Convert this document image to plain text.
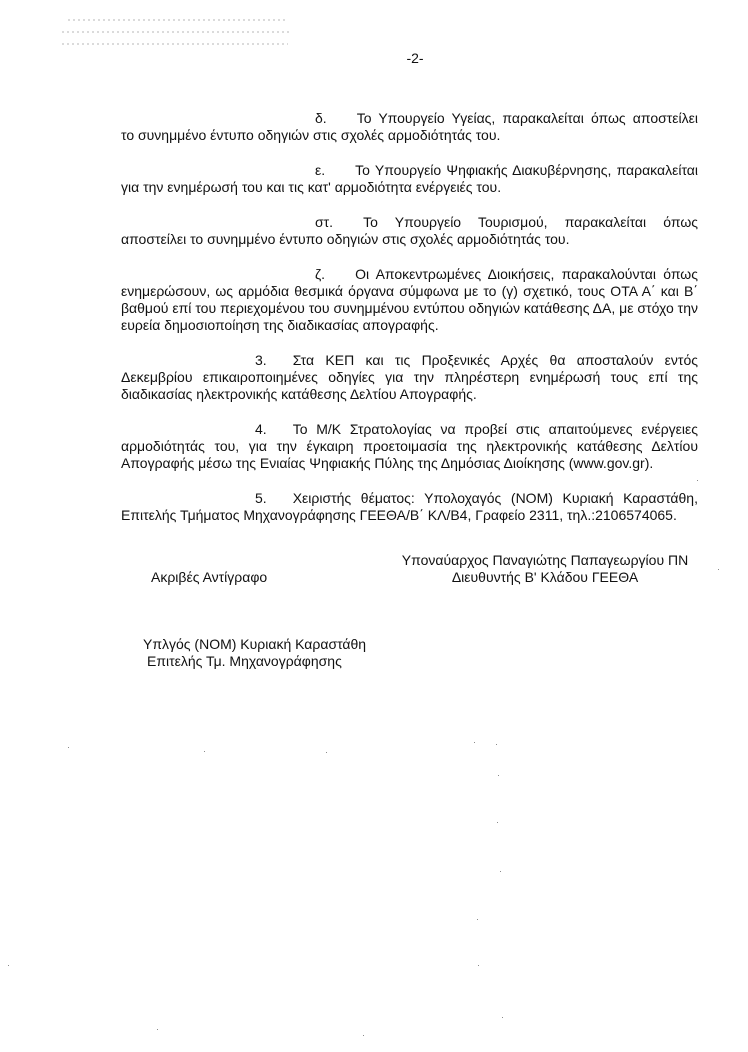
-2-

δ. Το Υπουργείο Υγείας, παρακαλείται όπως αποστείλει το συνημμένο έντυπο οδηγιών στις σχολές αρμοδιότητάς του.

ε. Το Υπουργείο Ψηφιακής Διακυβέρνησης, παρακαλείται για την ενημέρωσή του και τις κατ' αρμοδιότητα ενέργειές του.

στ. Το Υπουργείο Τουρισμού, παρακαλείται όπως αποστείλει το συνημμένο έντυπο οδηγιών στις σχολές αρμοδιότητάς του.

ζ. Οι Αποκεντρωμένες Διοικήσεις, παρακαλούνται όπως ενημερώσουν, ως αρμόδια θεσμικά όργανα σύμφωνα με το (γ) σχετικό, τους ΟΤΑ Α΄ και Β΄ βαθμού επί του περιεχομένου του συνημμένου εντύπου οδηγιών κατάθεσης ΔΑ, με στόχο την ευρεία δημοσιοποίηση της διαδικασίας απογραφής.

3. Στα ΚΕΠ και τις Προξενικές Αρχές θα αποσταλούν εντός Δεκεμβρίου επικαιροποιημένες οδηγίες για την πληρέστερη ενημέρωσή τους επί της διαδικασίας ηλεκτρονικής κατάθεσης Δελτίου Απογραφής.

4. Το Μ/Κ Στρατολογίας να προβεί στις απαιτούμενες ενέργειες αρμοδιότητάς του, για την έγκαιρη προετοιμασία της ηλεκτρονικής κατάθεσης Δελτίου Απογραφής μέσω της Ενιαίας Ψηφιακής Πύλης της Δημόσιας Διοίκησης (www.gov.gr).

5. Χειριστής θέματος: Υπολοχαγός (ΝΟΜ) Κυριακή Καραστάθη, Επιτελής Τμήματος Μηχανογράφησης ΓΕΕΘΑ/Β΄ ΚΛ/Β4, Γραφείο 2311, τηλ.:2106574065.

Ακριβές Αντίγραφο
Υποναύαρχος Παναγιώτης Παπαγεωργίου ΠΝ
Διευθυντής Β' Κλάδου ΓΕΕΘΑ
Υπλγός (ΝΟΜ) Κυριακή Καραστάθη
Επιτελής Τμ. Μηχανογράφησης
